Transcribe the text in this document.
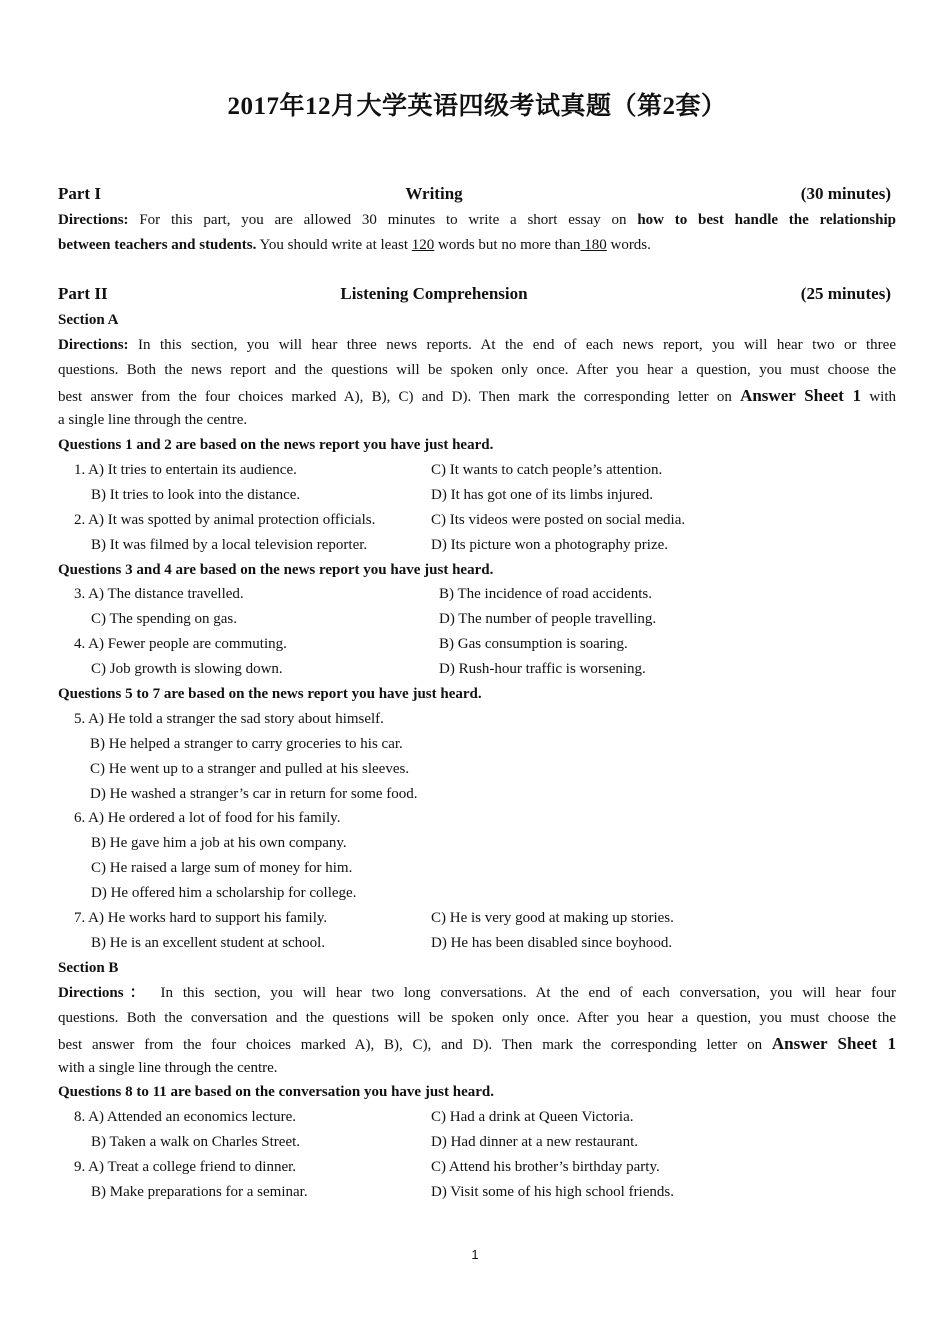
2017年12月大学英语四级考试真题（第2套）
Part I	Writing	(30 minutes)
Directions: For this part, you are allowed 30 minutes to write a short essay on how to best handle the relationship
between teachers and students. You should write at least 120 words but no more than 180 words.
Part II	Listening Comprehension	(25 minutes)
Section A
Directions: In this section, you will hear three news reports. At the end of each news report, you will hear two or three
questions. Both the news report and the questions will be spoken only once. After you hear a question, you must choose the
best answer from the four choices marked A), B), C) and D). Then mark the corresponding letter on Answer Sheet 1 with
a single line through the centre.
Questions 1 and 2 are based on the news report you have just heard.
1. A) It tries to entertain its audience.	C) It wants to catch people’s attention.
B) It tries to look into the distance.	D) It has got one of its limbs injured.
2. A) It was spotted by animal protection officials.	C) Its videos were posted on social media.
B) It was filmed by a local television reporter.	D) Its picture won a photography prize.
Questions 3 and 4 are based on the news report you have just heard.
3. A) The distance travelled.	B) The incidence of road accidents.
C) The spending on gas.	D) The number of people travelling.
4. A) Fewer people are commuting.	B) Gas consumption is soaring.
C) Job growth is slowing down.	D) Rush-hour traffic is worsening.
Questions 5 to 7 are based on the news report you have just heard.
5. A) He told a stranger the sad story about himself.
B) He helped a stranger to carry groceries to his car.
C) He went up to a stranger and pulled at his sleeves.
D) He washed a stranger’s car in return for some food.
6. A) He ordered a lot of food for his family.
B) He gave him a job at his own company.
C) He raised a large sum of money for him.
D) He offered him a scholarship for college.
7. A) He works hard to support his family.	C) He is very good at making up stories.
B) He is an excellent student at school.	D) He has been disabled since boyhood.
Section B
Directions： In this section, you will hear two long conversations. At the end of each conversation, you will hear four
questions. Both the conversation and the questions will be spoken only once. After you hear a question, you must choose the
best answer from the four choices marked A), B), C), and D). Then mark the corresponding letter on Answer Sheet 1
with a single line through the centre.
Questions 8 to 11 are based on the conversation you have just heard.
8. A) Attended an economics lecture.	C) Had a drink at Queen Victoria.
B) Taken a walk on Charles Street.	D) Had dinner at a new restaurant.
9. A) Treat a college friend to dinner.	C) Attend his brother’s birthday party.
B) Make preparations for a seminar.	D) Visit some of his high school friends.
1
